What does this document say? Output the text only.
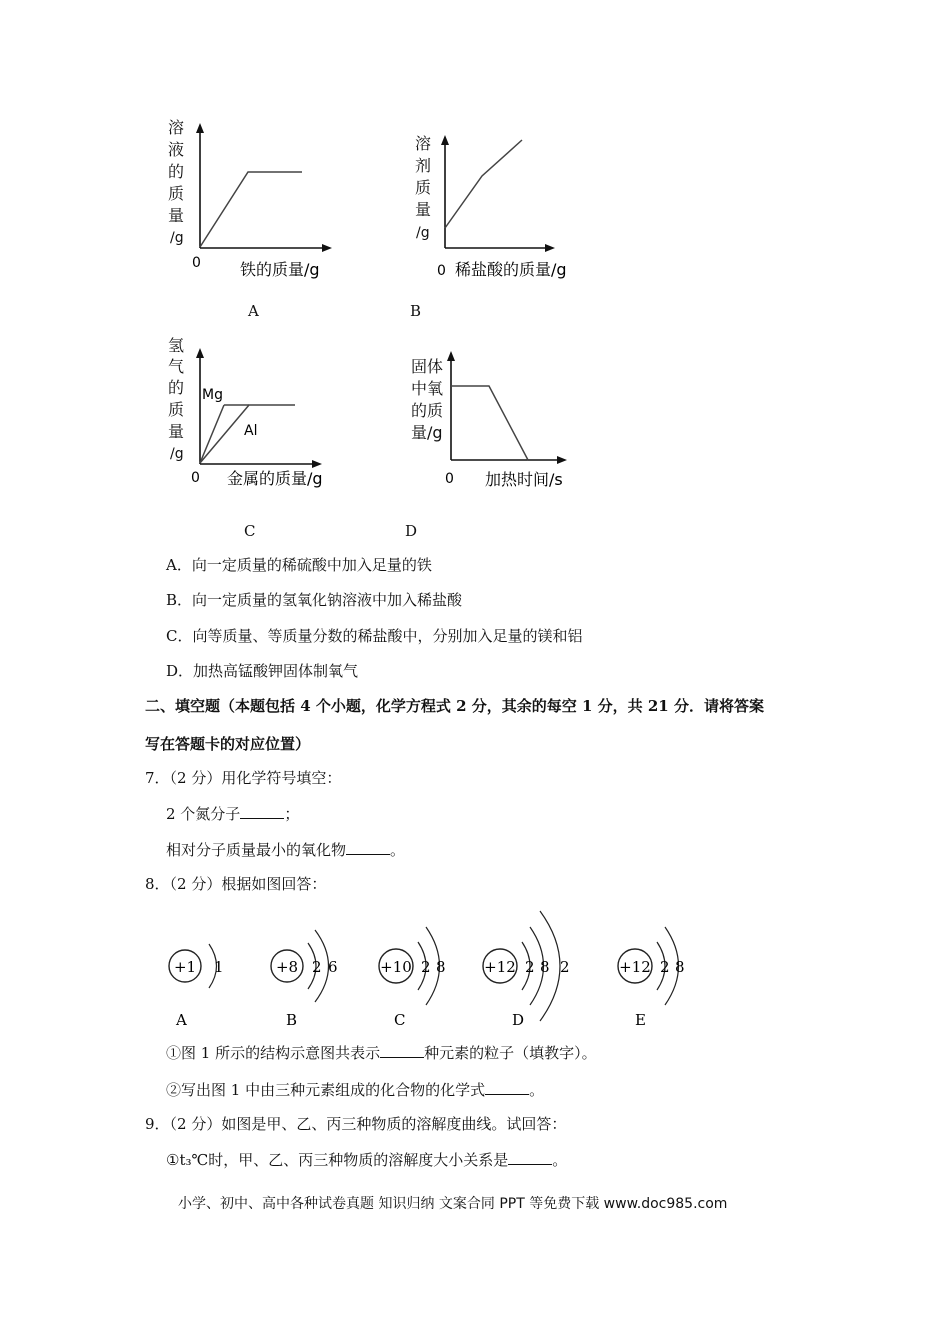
溶
液
的
质
量
/g
0 铁的质量/g
A
溶
剂
质
量
/g
0 稀盐酸的质量/g
B
氢
气
的
质
量
/g
Mg
Al
0 金属的质量/g
C
固体
中氧
的质
量/g
0 加热时间/s
D
A．向一定质量的稀硫酸中加入足量的铁
B．向一定质量的氢氧化钠溶液中加入稀盐酸
C．向等质量、等质量分数的稀盐酸中，分别加入足量的镁和铝
D．加热高锰酸钾固体制氧气
二、填空题（本题包括 4 个小题，化学方程式 2 分，其余的每空 1 分，共 21 分．请将答案
写在答题卡的对应位置）
7．（2 分）用化学符号填空：
2 个氮分子	；
相对分子质量最小的氧化物	。
8．（2 分）根据如图回答：
+1 1
A
+8 2 6
B
+10 2 8
C
+12 2 8 2
D
+12 2 8
E
①图 1 所示的结构示意图共表示	种元素的粒子（填教字）。
②写出图 1 中由三种元素组成的化合物的化学式	。
9．（2 分）如图是甲、乙、丙三种物质的溶解度曲线。试回答：
①t₃℃时，甲、乙、丙三种物质的溶解度大小关系是	。
小学、初中、高中各种试卷真题 知识归纳 文案合同 PPT 等免费下载 www.doc985.com
